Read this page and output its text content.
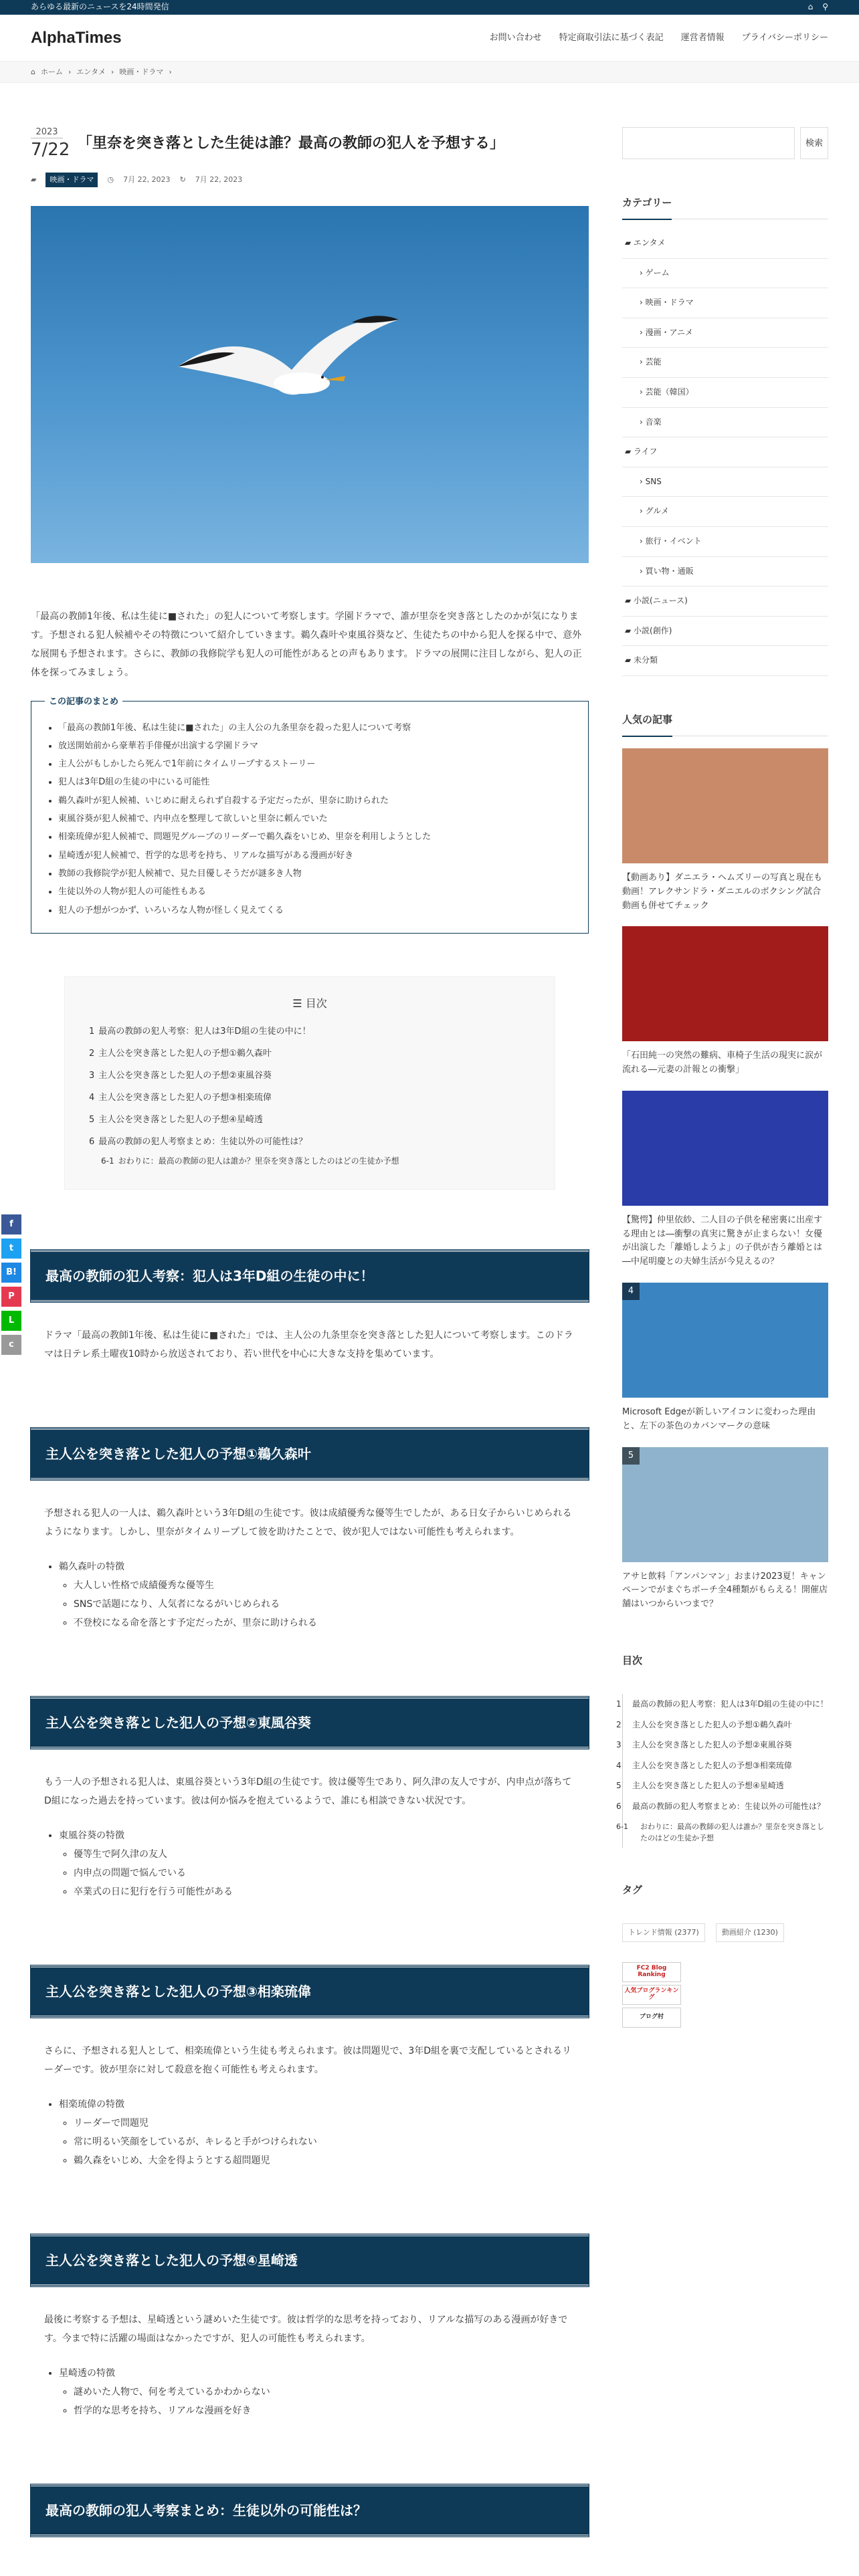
あらゆる最新のニュースを24時間発信	⌂ ⚲
AlphaTimes	お問い合わせ 特定商取引法に基づく表記 運営者情報 プライバシーポリシー
⌂ ホーム › エンタメ › 映画・ドラマ ›
2023
7/22 「里奈を突き落とした生徒は誰？最高の教師の犯人を予想する」
▰	映画・ドラマ	◷ 7月 22, 2023 ↻ 7月 22, 2023

「最高の教師1年後、私は生徒に■された」の犯人について考察します。学園ドラマで、誰が里奈を突き落としたのかが気になります。予想される犯人候補やその特徴について紹介していきます。鵜久森叶や東風谷葵など、生徒たちの中から犯人を探る中で、意外な展開も予想されます。さらに、教師の我修院学も犯人の可能性があるとの声もあります。ドラマの展開に注目しながら、犯人の正体を探ってみましょう。

この記事のまとめ
• 「最高の教師1年後、私は生徒に■された」の主人公の九条里奈を殺った犯人について考察
• 放送開始前から豪華若手俳優が出演する学園ドラマ
• 主人公がもしかしたら死んで1年前にタイムリープするストーリー
• 犯人は3年D組の生徒の中にいる可能性
• 鵜久森叶が犯人候補、いじめに耐えられず自殺する予定だったが、里奈に助けられた
• 東風谷葵が犯人候補で、内申点を整理して欲しいと里奈に頼んでいた
• 相楽琉偉が犯人候補で、問題児グループのリーダーで鵜久森をいじめ、里奈を利用しようとした
• 星崎透が犯人候補で、哲学的な思考を持ち、リアルな描写がある漫画が好き
• 教師の我修院学が犯人候補で、見た目優しそうだが謎多き人物
• 生徒以外の人物が犯人の可能性もある
• 犯人の予想がつかず、いろいろな人物が怪しく見えてくる
☰ 目次
1 最高の教師の犯人考察：犯人は3年D組の生徒の中に！
2 主人公を突き落とした犯人の予想①鵜久森叶
3 主人公を突き落とした犯人の予想②東風谷葵
4 主人公を突き落とした犯人の予想③相楽琉偉
5 主人公を突き落とした犯人の予想④星崎透
6 最高の教師の犯人考察まとめ：生徒以外の可能性は？
6-1 おわりに：最高の教師の犯人は誰か？里奈を突き落としたのはどの生徒か予想
最高の教師の犯人考察：犯人は3年D組の生徒の中に！

ドラマ「最高の教師1年後、私は生徒に■された」では、主人公の九条里奈を突き落とした犯人について考察します。このドラマは日テレ系土曜夜10時から放送されており、若い世代を中心に大きな支持を集めています。

主人公を突き落とした犯人の予想①鵜久森叶

予想される犯人の一人は、鵜久森叶という3年D組の生徒です。彼は成績優秀な優等生でしたが、ある日女子からいじめられるようになります。しかし、里奈がタイムリープして彼を助けたことで、彼が犯人ではない可能性も考えられます。

• 鵜久森叶の特徴
◦ 大人しい性格で成績優秀な優等生
◦ SNSで話題になり、人気者になるがいじめられる
◦ 不登校になる命を落とす予定だったが、里奈に助けられる
主人公を突き落とした犯人の予想②東風谷葵

もう一人の予想される犯人は、東風谷葵という3年D組の生徒です。彼は優等生であり、阿久津の友人ですが、内申点が落ちてD組になった過去を持っています。彼は何か悩みを抱えているようで、誰にも相談できない状況です。

• 東風谷葵の特徴
◦ 優等生で阿久津の友人
◦ 内申点の問題で悩んでいる
◦ 卒業式の日に犯行を行う可能性がある
主人公を突き落とした犯人の予想③相楽琉偉

さらに、予想される犯人として、相楽琉偉という生徒も考えられます。彼は問題児で、3年D組を裏で支配しているとされるリーダーです。彼が里奈に対して殺意を抱く可能性も考えられます。

• 相楽琉偉の特徴
◦ リーダーで問題児
◦ 常に明るい笑顔をしているが、キレると手がつけられない
◦ 鵜久森をいじめ、大金を得ようとする超問題児
主人公を突き落とした犯人の予想④星崎透

最後に考察する予想は、星崎透という謎めいた生徒です。彼は哲学的な思考を持っており、リアルな描写のある漫画が好きです。今まで特に活躍の場面はなかったですが、犯人の可能性も考えられます。

• 星崎透の特徴
◦ 謎めいた人物で、何を考えているかわからない
◦ 哲学的な思考を持ち、リアルな漫画を好き
最高の教師の犯人考察まとめ：生徒以外の可能性は？
検索
カテゴリー
▰ エンタメ
› ゲーム
› 映画・ドラマ
› 漫画・アニメ
› 芸能
› 芸能（韓国）
› 音楽
▰ ライフ
› SNS
› グルメ
› 旅行・イベント
› 買い物・通販
▰ 小説(ニュース)
▰ 小説(創作)
▰ 未分類
人気の記事
【動画あり】ダニエラ・ヘムズリーの写真と現在も動画！アレクサンドラ・ダニエルのボクシング試合動画も併せてチェック
「石田純一の突然の難病、車椅子生活の現実に涙が流れる―元妻の計報との衝撃」
【驚愕】仲里依紗、二人目の子供を秘密裏に出産する理由とは―衝撃の真実に驚きが止まらない！女優が出演した「離婚しようよ」の子供が杏う離婚とは―中尾明慶との夫婦生活が今見えるの？
4
Microsoft Edgeが新しいアイコンに変わった理由と、左下の茶色のカバンマークの意味
5
アサヒ飲料「アンパンマン」おまけ2023夏！キャンペーンでがまぐちポーチ全4種類がもらえる！開催店舗はいつからいつまで？
目次
1 最高の教師の犯人考察：犯人は3年D組の生徒の中に！
2 主人公を突き落とした犯人の予想①鵜久森叶
3 主人公を突き落とした犯人の予想②東風谷葵
4 主人公を突き落とした犯人の予想③相楽琉偉
5 主人公を突き落とした犯人の予想④星崎透
6 最高の教師の犯人考察まとめ：生徒以外の可能性は？
6-1 おわりに：最高の教師の犯人は誰か？里奈を突き落としたのはどの生徒か予想
タグ
トレンド情報 (2377)	動画紹介 (1230)
FC2 Blog Ranking
人気ブログランキング
ブログ村
f
t
B!
P
L
c
